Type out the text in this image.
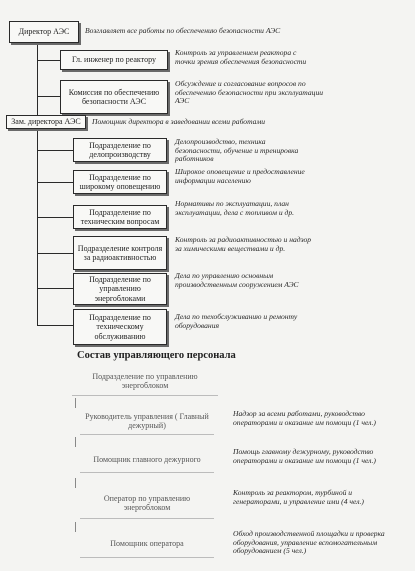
Директор АЭС Возглавляет все работы по обеспечению безопасности АЭС
Гл. инженер по реактору
Контроль за управлением реактора с точки зрения обеспечения безопасности
Комиссия по обеспечению безопасности АЭС
Обсуждение и согласование вопросов по обеспечению безопасности при эксплуатации АЭС
Зам. директора АЭС Помощник директора в заведовании всеми работами
Подразделение по делопроизводству
Делопроизводство, техника безопасности, обучение и тренировка работников
Подразделение по широкому оповещению
Широкое оповещение и предоставление информации населению
Подразделение по техническим вопросам
Нормативы по эксплуатации, план эксплуатации, дела с топливом и др.
Подразделение контроля за радиоактивностью
Контроль за радиоактивностью и надзор за химическими веществами и др.
Подразделение по управлению энергоблоками
Дела по управлению основным производственным сооружением АЭС
Подразделение по техническому обслуживанию
Дела по техобслуживанию и ремонту оборудования
Состав управляющего персонала
Подразделение по управлению энергоблоком
Руководитель управления ( Главный дежурный)
Надзор за всеми работами, руководство операторами и оказание им помощи (1 чел.)
Помощник главного дежурного
Помощь главному дежурному, руководство операторами и оказание им помощи (1 чел.)
Оператор по управлению энергоблоком
Контроль за реактором, турбиной и генераторами, и управление ими (4 чел.)
Помощник оператора
Обход производственной площадки и проверка оборудования, управление вспомогательным оборудованием (5 чел.)
